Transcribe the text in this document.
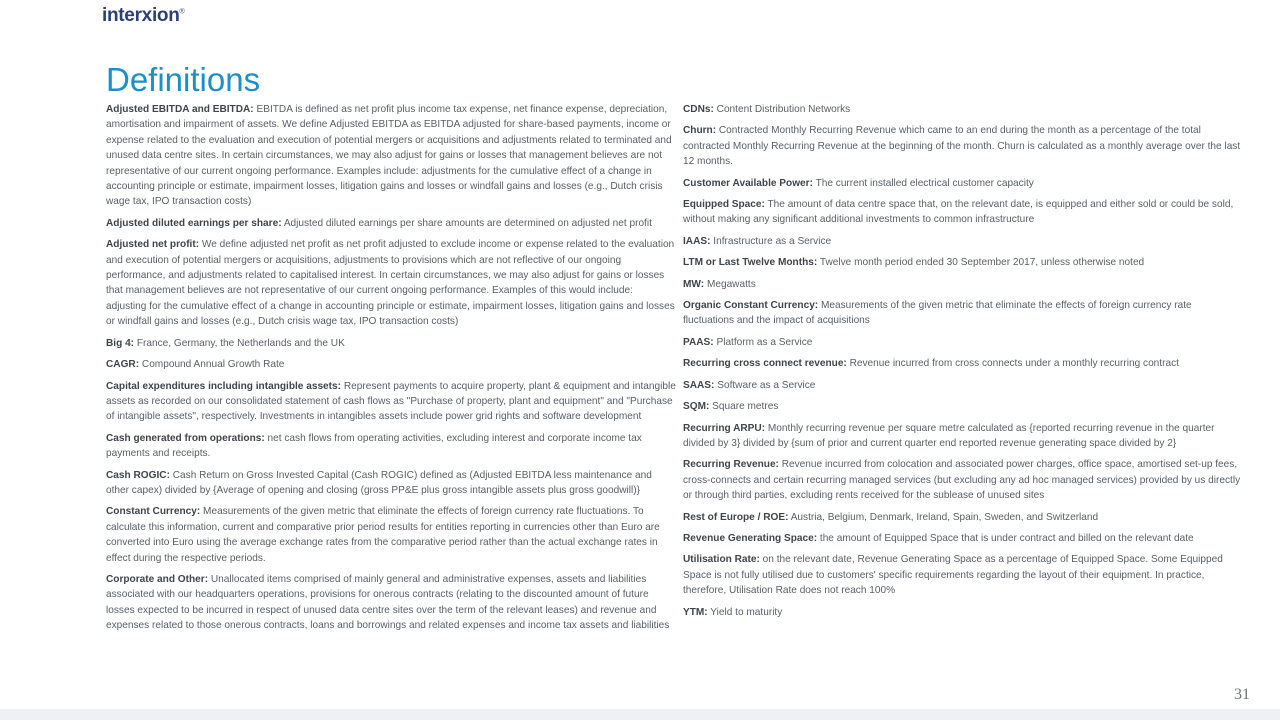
interxion®
Definitions

Adjusted EBITDA and EBITDA: EBITDA is defined as net profit plus income tax expense, net finance expense, depreciation, amortisation and impairment of assets. We define Adjusted EBITDA as EBITDA adjusted for share-based payments, income or expense related to the evaluation and execution of potential mergers or acquisitions and adjustments related to terminated and unused data centre sites. In certain circumstances, we may also adjust for gains or losses that management believes are not representative of our current ongoing performance. Examples include: adjustments for the cumulative effect of a change in accounting principle or estimate, impairment losses, litigation gains and losses or windfall gains and losses (e.g., Dutch crisis wage tax, IPO transaction costs)

Adjusted diluted earnings per share: Adjusted diluted earnings per share amounts are determined on adjusted net profit

Adjusted net profit: We define adjusted net profit as net profit adjusted to exclude income or expense related to the evaluation and execution of potential mergers or acquisitions, adjustments to provisions which are not reflective of our ongoing performance, and adjustments related to capitalised interest. In certain circumstances, we may also adjust for gains or losses that management believes are not representative of our current ongoing performance. Examples of this would include: adjusting for the cumulative effect of a change in accounting principle or estimate, impairment losses, litigation gains and losses or windfall gains and losses (e.g., Dutch crisis wage tax, IPO transaction costs)

Big 4: France, Germany, the Netherlands and the UK

CAGR: Compound Annual Growth Rate

Capital expenditures including intangible assets: Represent payments to acquire property, plant & equipment and intangible assets as recorded on our consolidated statement of cash flows as "Purchase of property, plant and equipment" and "Purchase of intangible assets", respectively. Investments in intangibles assets include power grid rights and software development

Cash generated from operations: net cash flows from operating activities, excluding interest and corporate income tax payments and receipts.

Cash ROGIC: Cash Return on Gross Invested Capital (Cash ROGIC) defined as (Adjusted EBITDA less maintenance and other capex) divided by {Average of opening and closing (gross PP&E plus gross intangible assets plus gross goodwill)}

Constant Currency: Measurements of the given metric that eliminate the effects of foreign currency rate fluctuations. To calculate this information, current and comparative prior period results for entities reporting in currencies other than Euro are converted into Euro using the average exchange rates from the comparative period rather than the actual exchange rates in effect during the respective periods.

Corporate and Other: Unallocated items comprised of mainly general and administrative expenses, assets and liabilities associated with our headquarters operations, provisions for onerous contracts (relating to the discounted amount of future losses expected to be incurred in respect of unused data centre sites over the term of the relevant leases) and revenue and expenses related to those onerous contracts, loans and borrowings and related expenses and income tax assets and liabilities

CDNs: Content Distribution Networks

Churn: Contracted Monthly Recurring Revenue which came to an end during the month as a percentage of the total contracted Monthly Recurring Revenue at the beginning of the month. Churn is calculated as a monthly average over the last 12 months.

Customer Available Power: The current installed electrical customer capacity

Equipped Space: The amount of data centre space that, on the relevant date, is equipped and either sold or could be sold, without making any significant additional investments to common infrastructure

IAAS: Infrastructure as a Service

LTM or Last Twelve Months: Twelve month period ended 30 September 2017, unless otherwise noted

MW: Megawatts

Organic Constant Currency: Measurements of the given metric that eliminate the effects of foreign currency rate fluctuations and the impact of acquisitions

PAAS: Platform as a Service

Recurring cross connect revenue: Revenue incurred from cross connects under a monthly recurring contract

SAAS: Software as a Service

SQM: Square metres

Recurring ARPU: Monthly recurring revenue per square metre calculated as {reported recurring revenue in the quarter divided by 3} divided by {sum of prior and current quarter end reported revenue generating space divided by 2}

Recurring Revenue: Revenue incurred from colocation and associated power charges, office space, amortised set-up fees, cross-connects and certain recurring managed services (but excluding any ad hoc managed services) provided by us directly or through third parties, excluding rents received for the sublease of unused sites

Rest of Europe / ROE: Austria, Belgium, Denmark, Ireland, Spain, Sweden, and Switzerland

Revenue Generating Space: the amount of Equipped Space that is under contract and billed on the relevant date

Utilisation Rate: on the relevant date, Revenue Generating Space as a percentage of Equipped Space. Some Equipped Space is not fully utilised due to customers' specific requirements regarding the layout of their equipment. In practice, therefore, Utilisation Rate does not reach 100%

YTM: Yield to maturity

31
